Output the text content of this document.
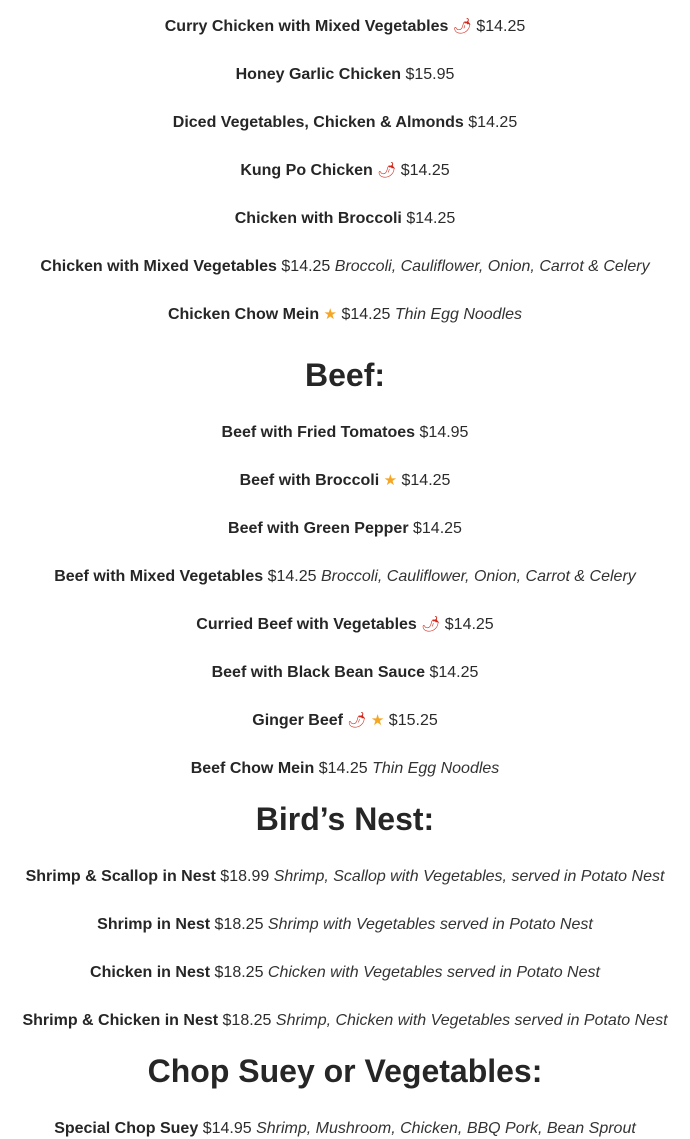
Curry Chicken with Mixed Vegetables 🌶 $14.25
Honey Garlic Chicken $15.95
Diced Vegetables, Chicken & Almonds $14.25
Kung Po Chicken 🌶 $14.25
Chicken with Broccoli $14.25
Chicken with Mixed Vegetables $14.25 Broccoli, Cauliflower, Onion, Carrot & Celery
Chicken Chow Mein ★ $14.25 Thin Egg Noodles
Beef:
Beef with Fried Tomatoes $14.95
Beef with Broccoli ★ $14.25
Beef with Green Pepper $14.25
Beef with Mixed Vegetables $14.25 Broccoli, Cauliflower, Onion, Carrot & Celery
Curried Beef with Vegetables 🌶 $14.25
Beef with Black Bean Sauce $14.25
Ginger Beef 🌶 ★ $15.25
Beef Chow Mein $14.25 Thin Egg Noodles
Bird’s Nest:
Shrimp & Scallop in Nest $18.99 Shrimp, Scallop with Vegetables, served in Potato Nest
Shrimp in Nest $18.25 Shrimp with Vegetables served in Potato Nest
Chicken in Nest $18.25 Chicken with Vegetables served in Potato Nest
Shrimp & Chicken in Nest $18.25 Shrimp, Chicken with Vegetables served in Potato Nest
Chop Suey or Vegetables:
Special Chop Suey $14.95 Shrimp, Mushroom, Chicken, BBQ Pork, Bean Sprout
